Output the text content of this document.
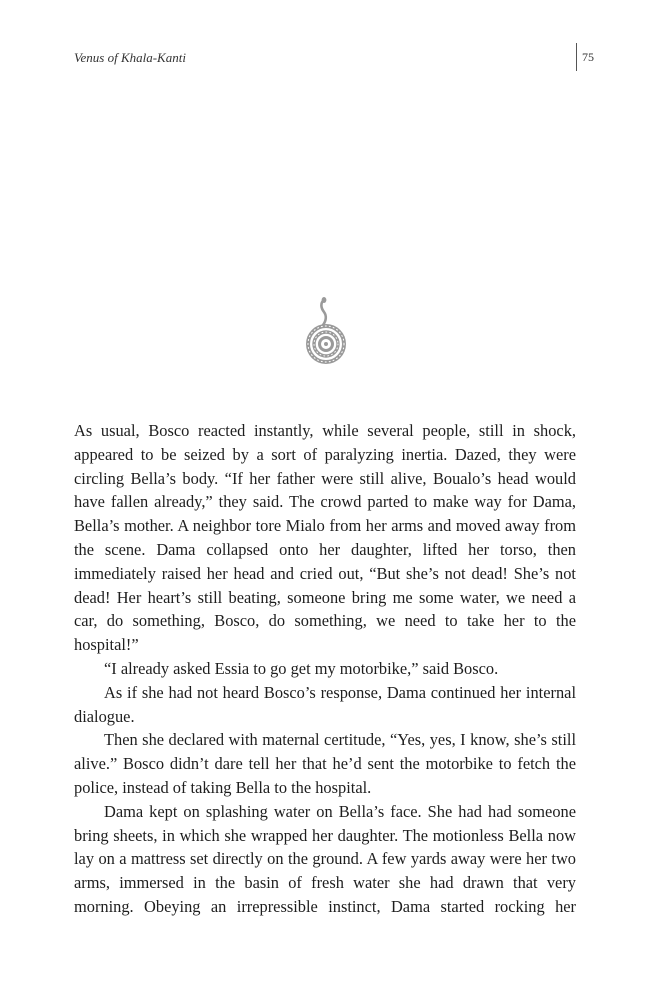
Venus of Khala-Kanti	75

As usual, Bosco reacted instantly, while several people, still in shock, appeared to be seized by a sort of paralyzing inertia. Dazed, they were circling Bella’s body. “If her father were still alive, Boualo’s head would have fallen already,” they said. The crowd parted to make way for Dama, Bella’s mother. A neighbor tore Mialo from her arms and moved away from the scene. Dama collapsed onto her daughter, lifted her torso, then immediately raised her head and cried out, “But she’s not dead! She’s not dead! Her heart’s still beating, someone bring me some water, we need a car, do something, Bosco, do something, we need to take her to the hospital!”

“I already asked Essia to go get my motorbike,” said Bosco.

As if she had not heard Bosco’s response, Dama continued her internal dialogue.

Then she declared with maternal certitude, “Yes, yes, I know, she’s still alive.” Bosco didn’t dare tell her that he’d sent the motorbike to fetch the police, instead of taking Bella to the hospital.

Dama kept on splashing water on Bella’s face. She had had someone bring sheets, in which she wrapped her daughter. The motionless Bella now lay on a mattress set directly on the ground. A few yards away were her two arms, immersed in the basin of fresh water she had drawn that very morning. Obeying an irrepressible instinct, Dama started rocking her
